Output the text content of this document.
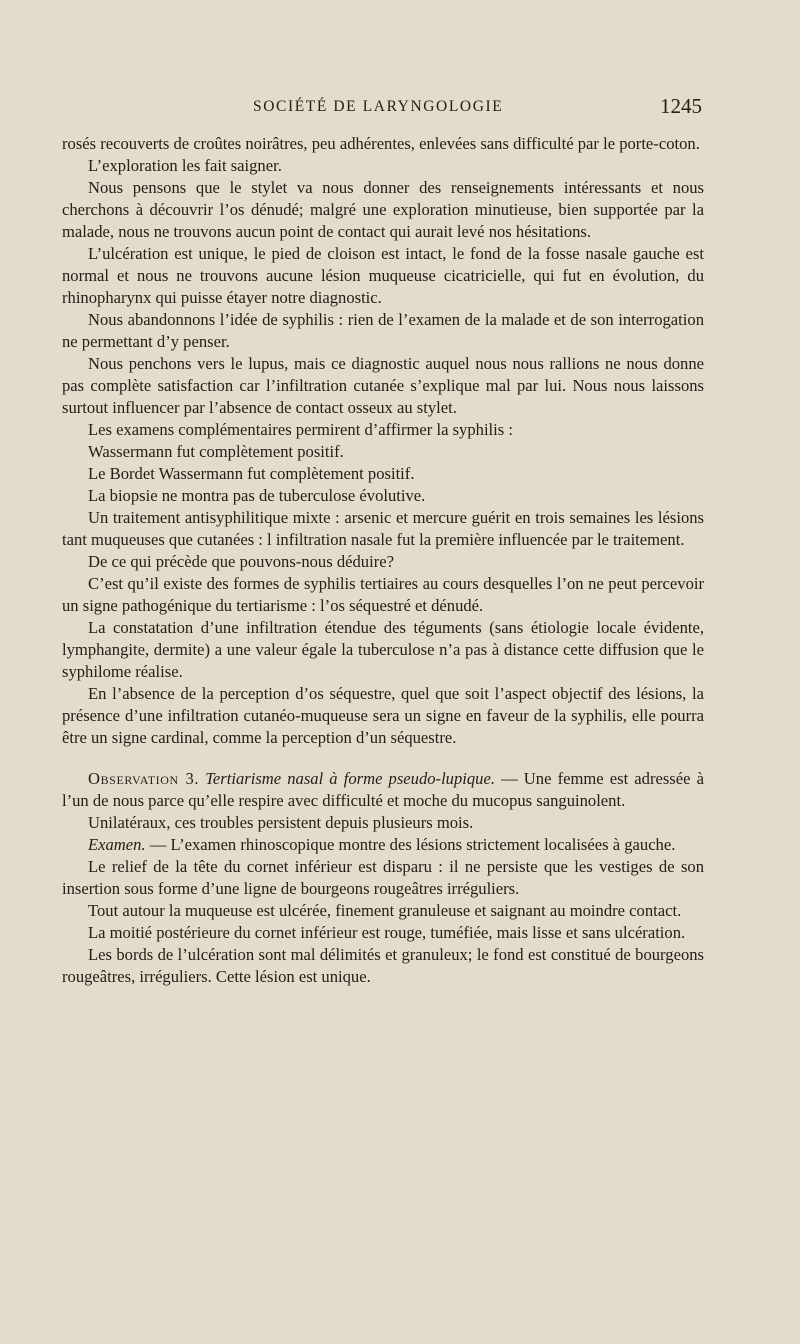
SOCIÉTÉ DE LARYNGOLOGIE	1245

rosés recouverts de croûtes noirâtres, peu adhérentes, enlevées sans difficulté par le porte-coton.

L’exploration les fait saigner.

Nous pensons que le stylet va nous donner des renseignements intéressants et nous cherchons à découvrir l’os dénudé; malgré une exploration minutieuse, bien supportée par la malade, nous ne trouvons aucun point de contact qui aurait levé nos hésitations.

L’ulcération est unique, le pied de cloison est intact, le fond de la fosse nasale gauche est normal et nous ne trouvons aucune lésion muqueuse cicatricielle, qui fut en évolution, du rhinopharynx qui puisse étayer notre diagnostic.

Nous abandonnons l’idée de syphilis : rien de l’examen de la malade et de son interrogation ne permettant d’y penser.

Nous penchons vers le lupus, mais ce diagnostic auquel nous nous rallions ne nous donne pas complète satisfaction car l’infiltration cutanée s’explique mal par lui. Nous nous laissons surtout influencer par l’absence de contact osseux au stylet.

Les examens complémentaires permirent d’affirmer la syphilis :

Wassermann fut complètement positif.

Le Bordet Wassermann fut complètement positif.

La biopsie ne montra pas de tuberculose évolutive.

Un traitement antisyphilitique mixte : arsenic et mercure guérit en trois semaines les lésions tant muqueuses que cutanées : l infiltration nasale fut la première influencée par le traitement.

De ce qui précède que pouvons-nous déduire?

C’est qu’il existe des formes de syphilis tertiaires au cours desquelles l’on ne peut percevoir un signe pathogénique du tertiarisme : l’os séquestré et dénudé.

La constatation d’une infiltration étendue des téguments (sans étiologie locale évidente, lymphangite, dermite) a une valeur égale la tuberculose n’a pas à distance cette diffusion que le syphilome réalise.

En l’absence de la perception d’os séquestre, quel que soit l’aspect objectif des lésions, la présence d’une infiltration cutanéo-muqueuse sera un signe en faveur de la syphilis, elle pourra être un signe cardinal, comme la perception d’un séquestre.

Observation 3. Tertiarisme nasal à forme pseudo-lupique. — Une femme est adressée à l’un de nous parce qu’elle respire avec difficulté et moche du mucopus sanguinolent.

Unilatéraux, ces troubles persistent depuis plusieurs mois.

Examen. — L’examen rhinoscopique montre des lésions strictement localisées à gauche.

Le relief de la tête du cornet inférieur est disparu : il ne persiste que les vestiges de son insertion sous forme d’une ligne de bourgeons rougeâtres irréguliers.

Tout autour la muqueuse est ulcérée, finement granuleuse et saignant au moindre contact.

La moitié postérieure du cornet inférieur est rouge, tuméfiée, mais lisse et sans ulcération.

Les bords de l’ulcération sont mal délimités et granuleux; le fond est constitué de bourgeons rougeâtres, irréguliers. Cette lésion est unique.
